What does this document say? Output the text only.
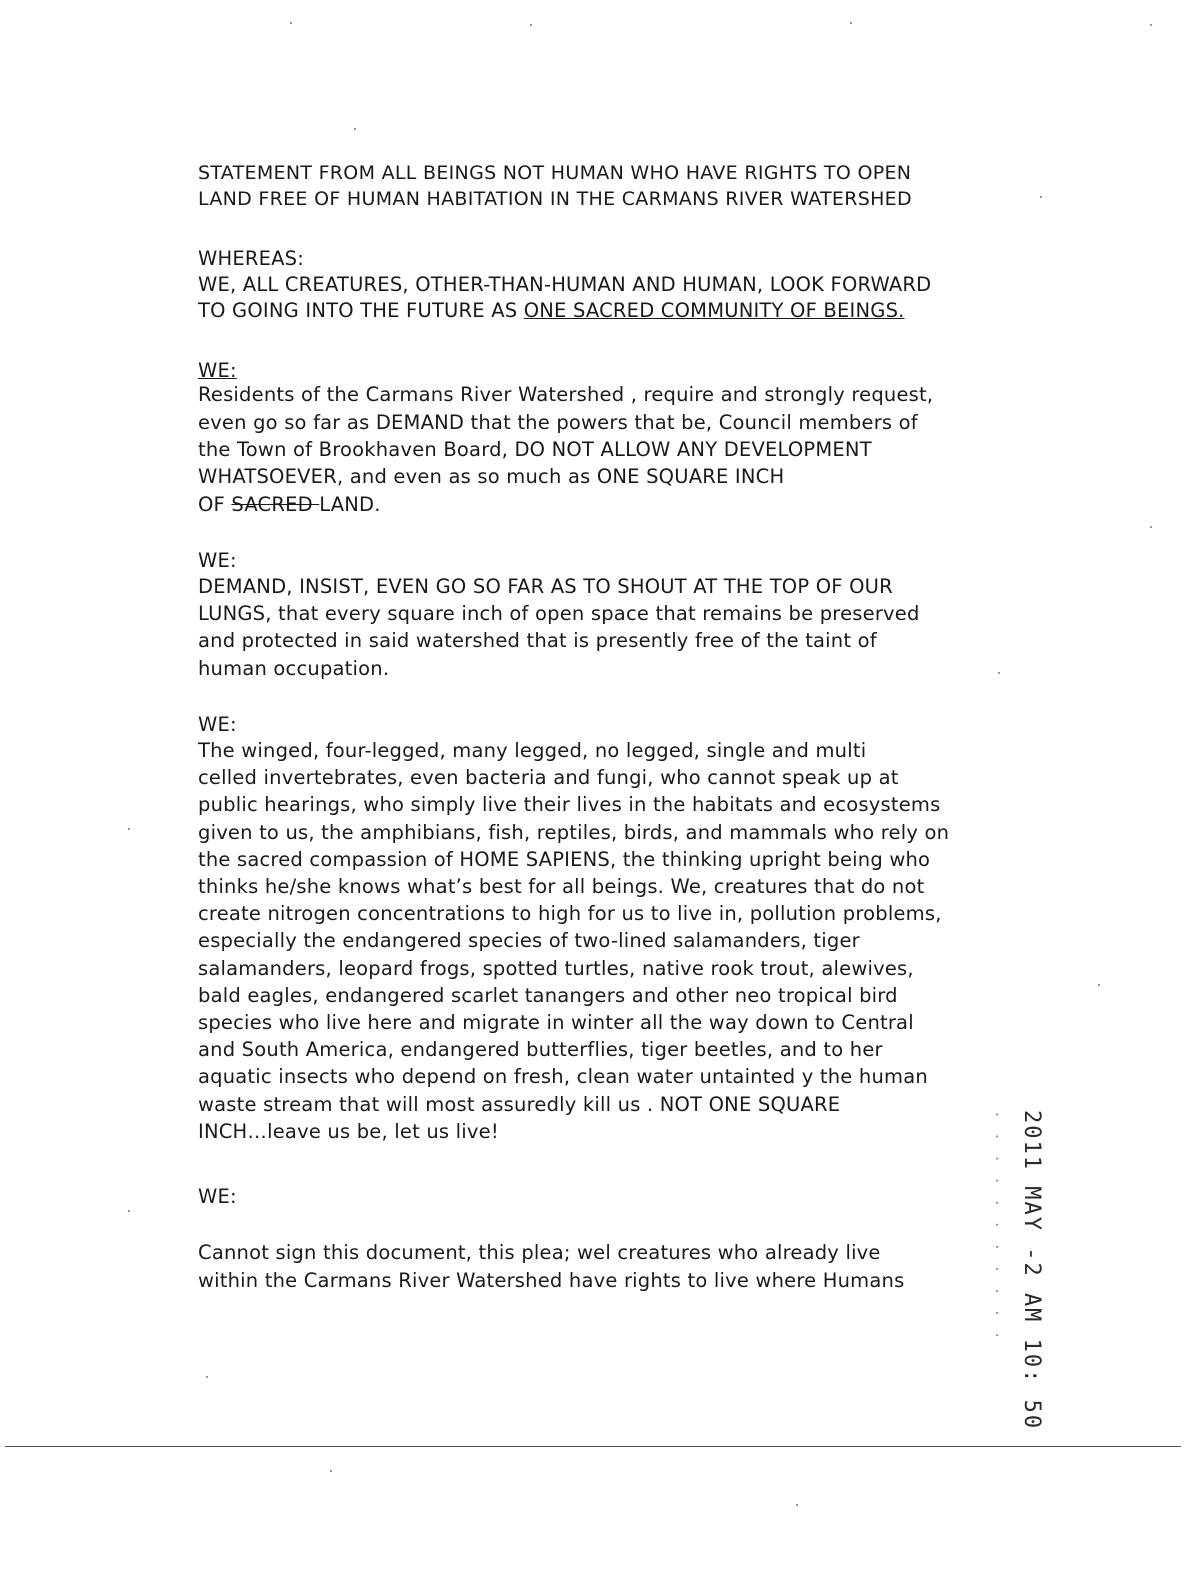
STATEMENT FROM ALL BEINGS NOT HUMAN WHO HAVE RIGHTS TO OPEN
LAND FREE OF HUMAN HABITATION IN THE CARMANS RIVER WATERSHED
WHEREAS:
WE, ALL CREATURES, OTHER-THAN-HUMAN AND HUMAN, LOOK FORWARD
TO GOING INTO THE FUTURE AS ONE SACRED COMMUNITY OF BEINGS.
WE:
Residents of the Carmans River Watershed , require and strongly request,
even go so far as DEMAND that the powers that be, Council members of
the Town of Brookhaven Board, DO NOT ALLOW ANY DEVELOPMENT
WHATSOEVER, and even as so much as ONE SQUARE INCH
OF SACRED LAND.
WE:
DEMAND, INSIST, EVEN GO SO FAR AS TO SHOUT AT THE TOP OF OUR
LUNGS, that every square inch of open space that remains be preserved
and protected in said watershed that is presently free of the taint of
human occupation.
WE:
The winged, four-legged, many legged, no legged, single and multi
celled invertebrates, even bacteria and fungi, who cannot speak up at
public hearings, who simply live their lives in the habitats and ecosystems
given to us, the amphibians, fish, reptiles, birds, and mammals who rely on
the sacred compassion of HOME SAPIENS, the thinking upright being who
thinks he/she knows what’s best for all beings. We, creatures that do not
create nitrogen concentrations to high for us to live in, pollution problems,
especially the endangered species of two-lined salamanders, tiger
salamanders, leopard frogs, spotted turtles, native rook trout, alewives,
bald eagles, endangered scarlet tanangers and other neo tropical bird
species who live here and migrate in winter all the way down to Central
and South America, endangered butterflies, tiger beetles, and to her
aquatic insects who depend on fresh, clean water untainted y the human
waste stream that will most assuredly kill us . NOT ONE SQUARE
INCH…leave us be, let us live!
WE:
Cannot sign this document, this plea; wel creatures who already live
within the Carmans River Watershed have rights to live where Humans	2011 MAY -2 AM 10: 50
· · · · · · · · · · ·
